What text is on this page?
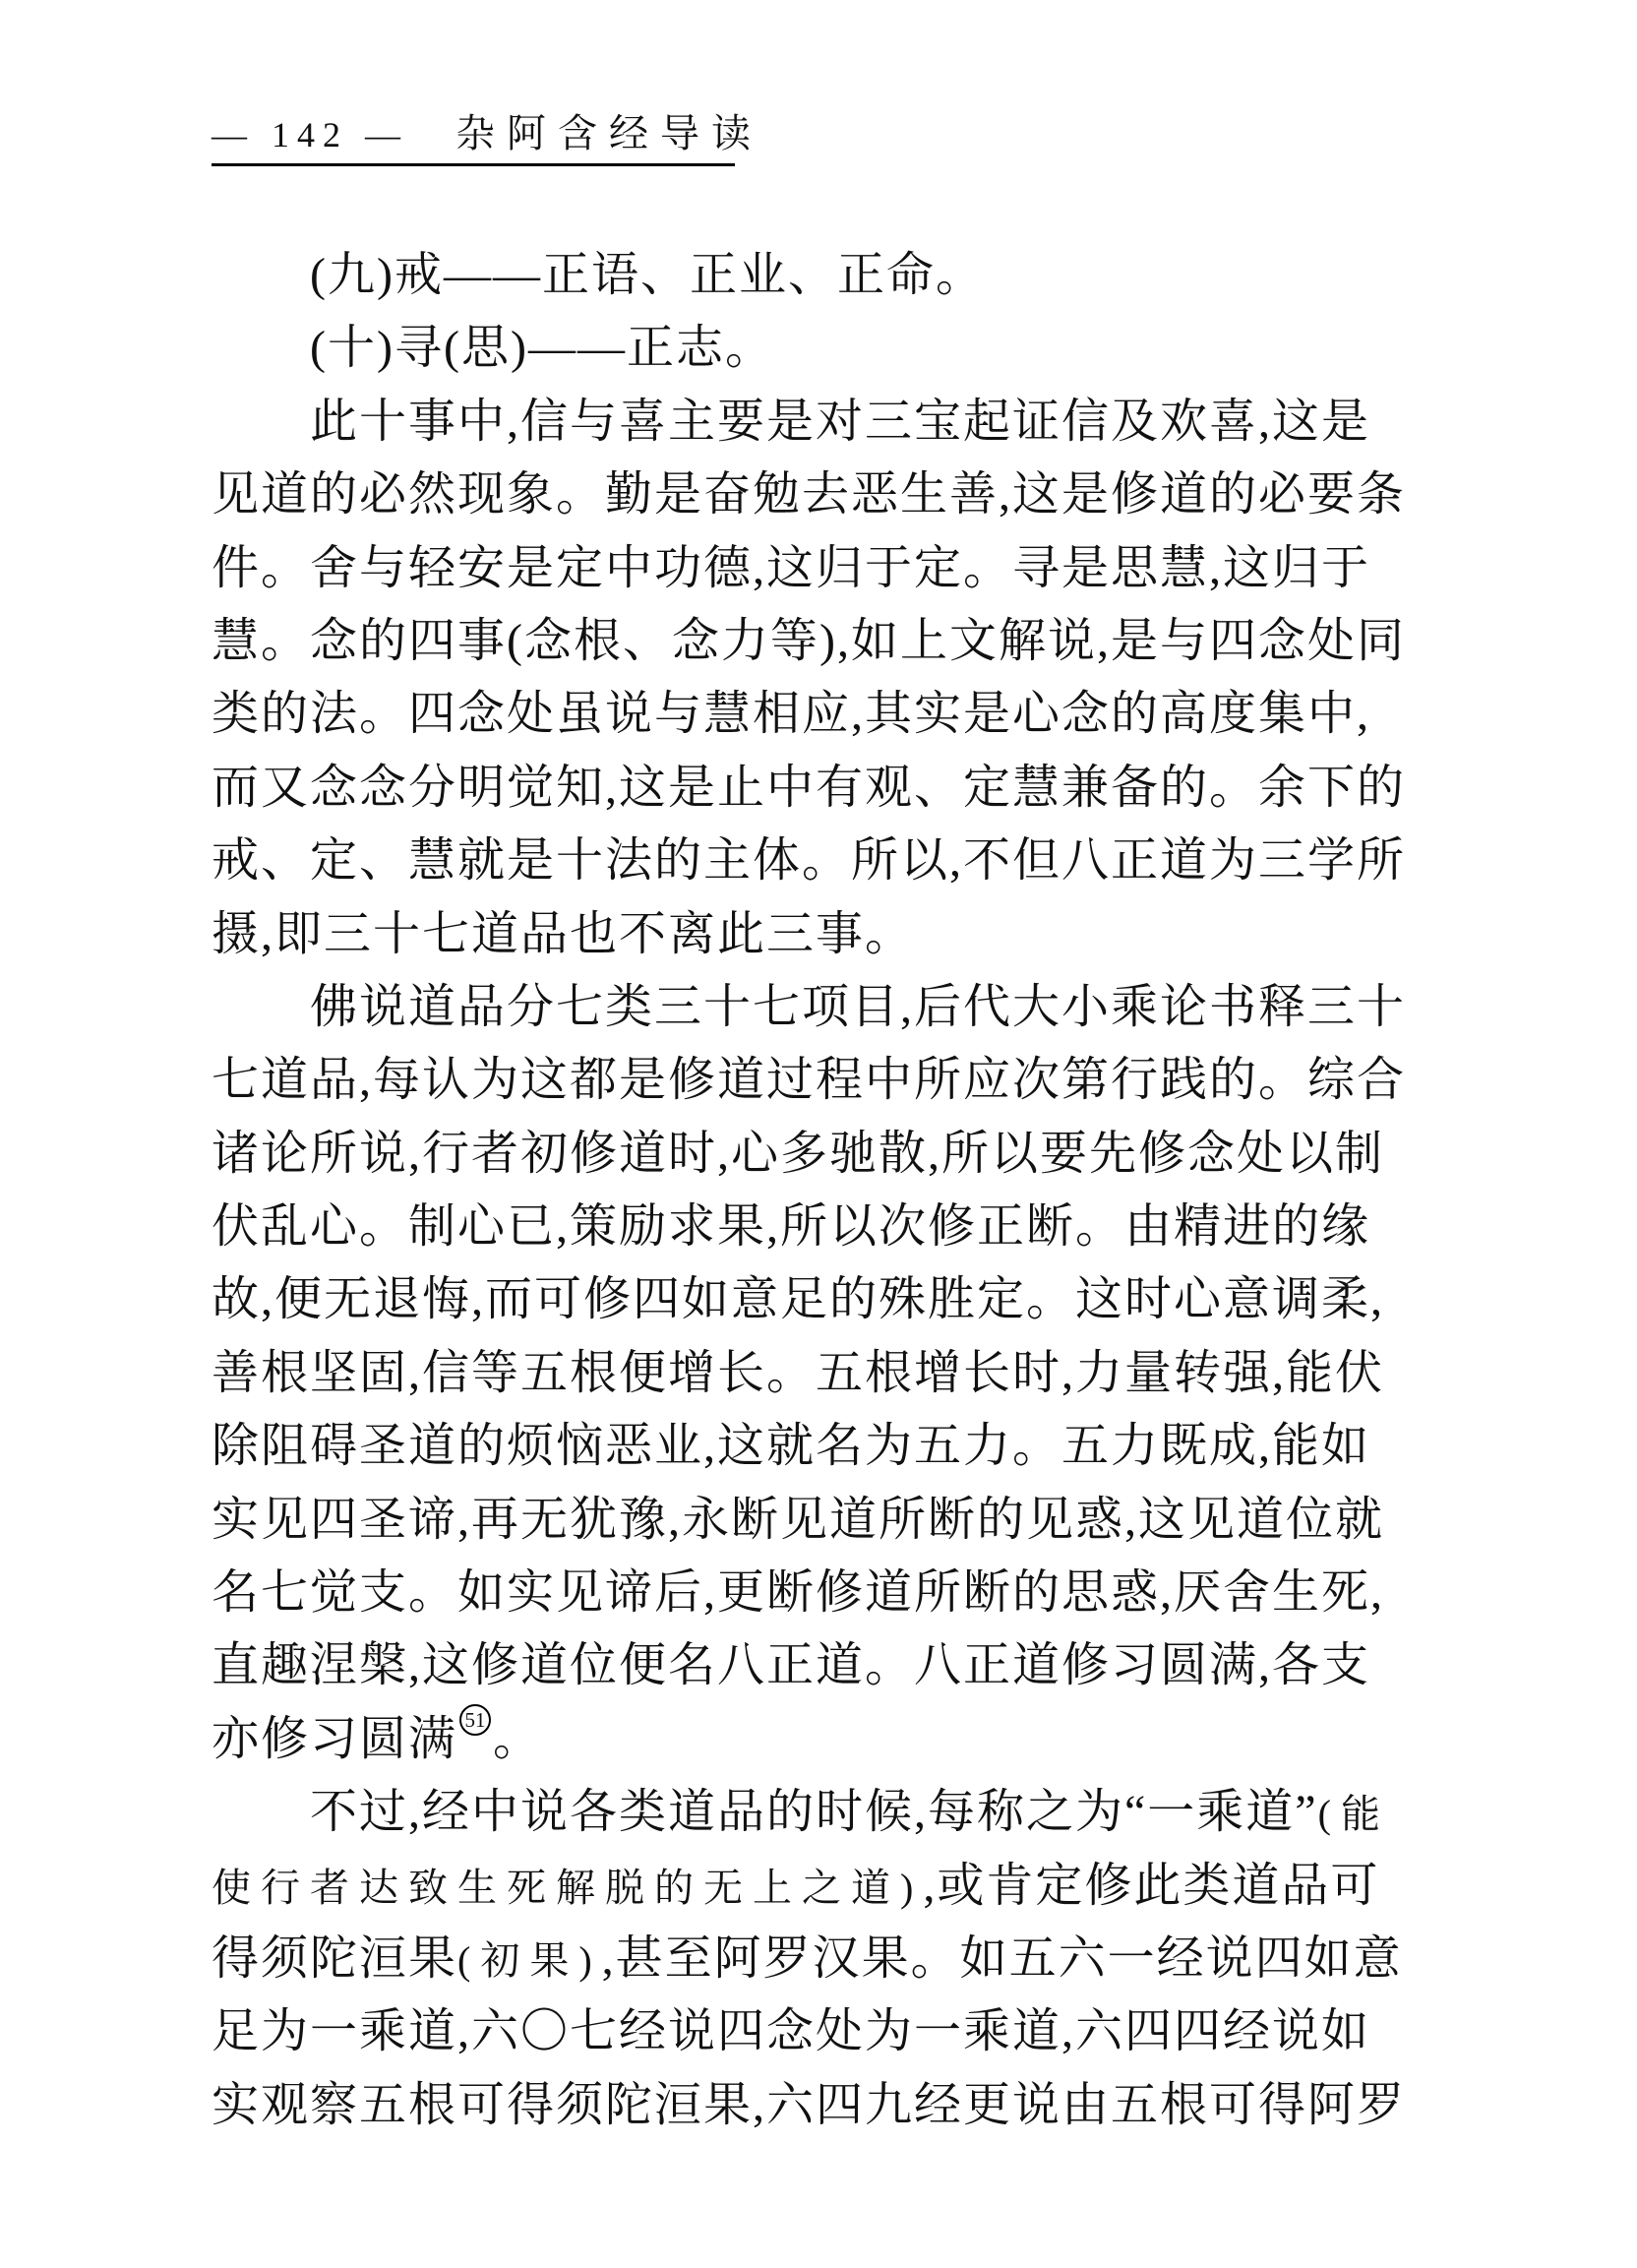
— 142 — 杂阿含经导读
(九)戒——正语、正业、正命。
(十)寻(思)——正志。
此十事中,信与喜主要是对三宝起证信及欢喜,这是
见道的必然现象。勤是奋勉去恶生善,这是修道的必要条
件。舍与轻安是定中功德,这归于定。寻是思慧,这归于
慧。念的四事(念根、念力等),如上文解说,是与四念处同
类的法。四念处虽说与慧相应,其实是心念的高度集中,
而又念念分明觉知,这是止中有观、定慧兼备的。余下的
戒、定、慧就是十法的主体。所以,不但八正道为三学所
摄,即三十七道品也不离此三事。
佛说道品分七类三十七项目,后代大小乘论书释三十
七道品,每认为这都是修道过程中所应次第行践的。综合
诸论所说,行者初修道时,心多驰散,所以要先修念处以制
伏乱心。制心已,策励求果,所以次修正断。由精进的缘
故,便无退悔,而可修四如意足的殊胜定。这时心意调柔,
善根坚固,信等五根便增长。五根增长时,力量转强,能伏
除阻碍圣道的烦恼恶业,这就名为五力。五力既成,能如
实见四圣谛,再无犹豫,永断见道所断的见惑,这见道位就
名七觉支。如实见谛后,更断修道所断的思惑,厌舍生死,
直趣涅槃,这修道位便名八正道。八正道修习圆满,各支
亦修习圆满 51 。
不过,经中说各类道品的时候,每称之为“一乘道”(能
使行者达致生死解脱的无上之道),或肯定修此类道品可
得须陀洹果(初果),甚至阿罗汉果。如五六一经说四如意
足为一乘道,六〇七经说四念处为一乘道,六四四经说如
实观察五根可得须陀洹果,六四九经更说由五根可得阿罗
